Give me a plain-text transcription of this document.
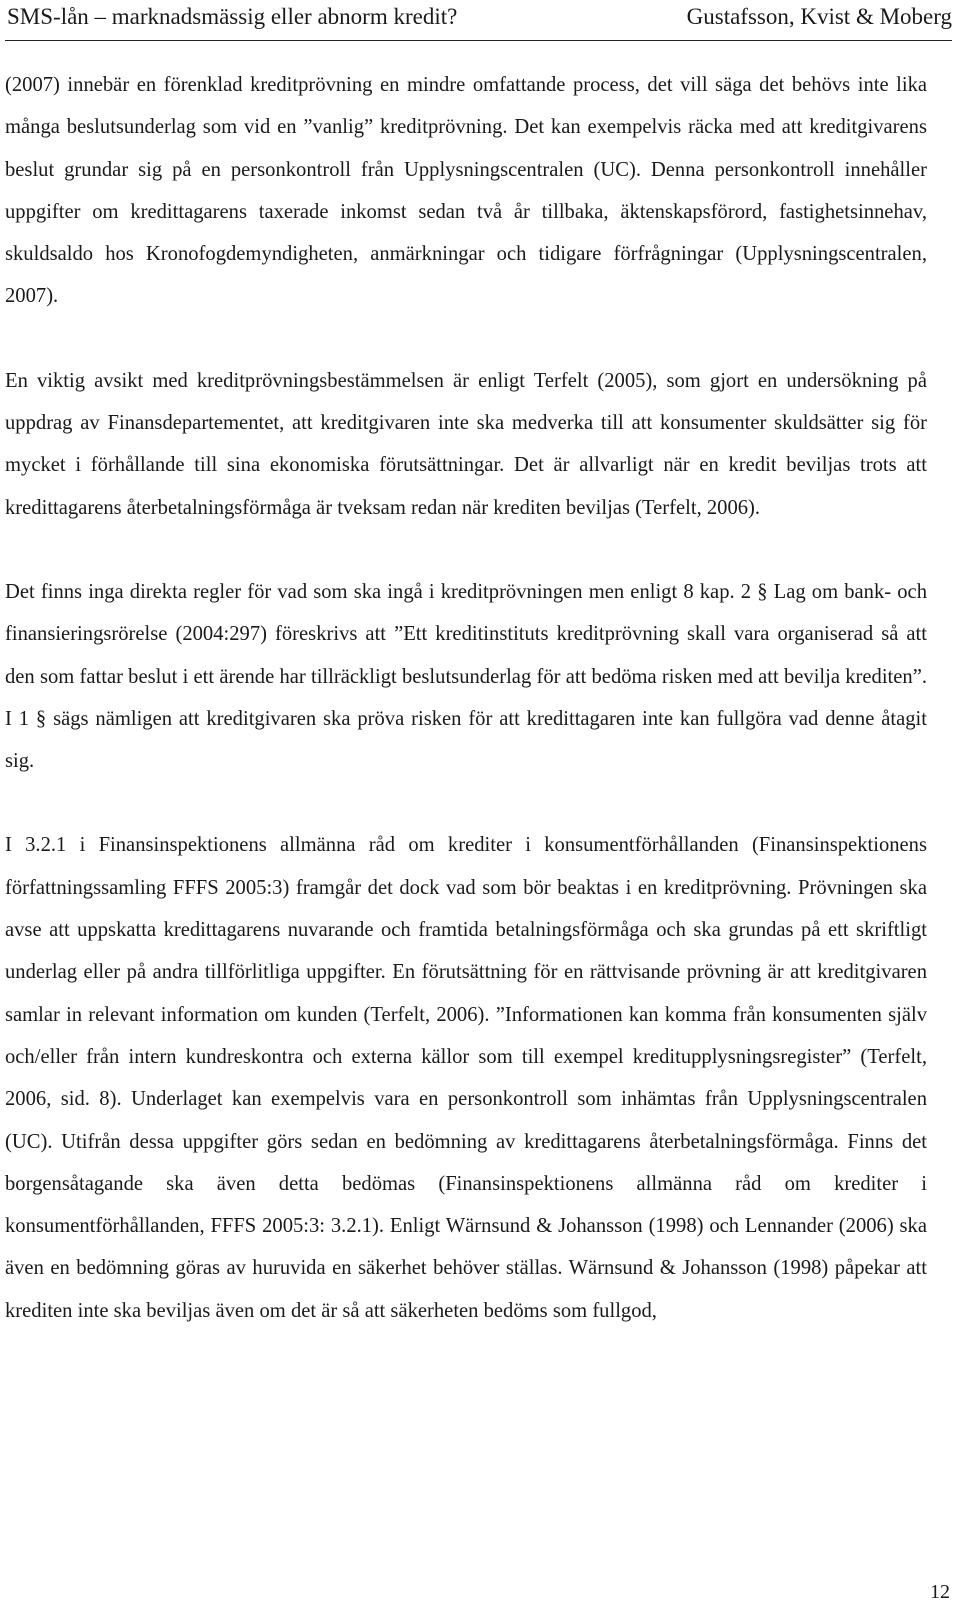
SMS-lån – marknadsmässig eller abnorm kredit?	Gustafsson, Kvist & Moberg

(2007) innebär en förenklad kreditprövning en mindre omfattande process, det vill säga det behövs inte lika många beslutsunderlag som vid en ”vanlig” kreditprövning. Det kan exempelvis räcka med att kreditgivarens beslut grundar sig på en personkontroll från Upplysningscentralen (UC). Denna personkontroll innehåller uppgifter om kredittagarens taxerade inkomst sedan två år tillbaka, äktenskapsförord, fastighetsinnehav, skuldsaldo hos Kronofogdemyndigheten, anmärkningar och tidigare förfrågningar (Upplysningscentralen, 2007).

En viktig avsikt med kreditprövningsbestämmelsen är enligt Terfelt (2005), som gjort en undersökning på uppdrag av Finansdepartementet, att kreditgivaren inte ska medverka till att konsumenter skuldsätter sig för mycket i förhållande till sina ekonomiska förutsättningar. Det är allvarligt när en kredit beviljas trots att kredittagarens återbetalningsförmåga är tveksam redan när krediten beviljas (Terfelt, 2006).

Det finns inga direkta regler för vad som ska ingå i kreditprövningen men enligt 8 kap. 2 § Lag om bank- och finansieringsrörelse (2004:297) föreskrivs att ”Ett kreditinstituts kreditprövning skall vara organiserad så att den som fattar beslut i ett ärende har tillräckligt beslutsunderlag för att bedöma risken med att bevilja krediten”. I 1 § sägs nämligen att kreditgivaren ska pröva risken för att kredittagaren inte kan fullgöra vad denne åtagit sig.

I 3.2.1 i Finansinspektionens allmänna råd om krediter i konsumentförhållanden (Finansinspektionens författningssamling FFFS 2005:3) framgår det dock vad som bör beaktas i en kreditprövning. Prövningen ska avse att uppskatta kredittagarens nuvarande och framtida betalningsförmåga och ska grundas på ett skriftligt underlag eller på andra tillförlitliga uppgifter. En förutsättning för en rättvisande prövning är att kreditgivaren samlar in relevant information om kunden (Terfelt, 2006). ”Informationen kan komma från konsumenten själv och/eller från intern kundreskontra och externa källor som till exempel kreditupplysningsregister” (Terfelt, 2006, sid. 8). Underlaget kan exempelvis vara en personkontroll som inhämtas från Upplysningscentralen (UC). Utifrån dessa uppgifter görs sedan en bedömning av kredittagarens återbetalningsförmåga. Finns det borgensåtagande ska även detta bedömas (Finansinspektionens allmänna råd om krediter i konsumentförhållanden, FFFS 2005:3: 3.2.1). Enligt Wärnsund & Johansson (1998) och Lennander (2006) ska även en bedömning göras av huruvida en säkerhet behöver ställas. Wärnsund & Johansson (1998) påpekar att krediten inte ska beviljas även om det är så att säkerheten bedöms som fullgod,

12
